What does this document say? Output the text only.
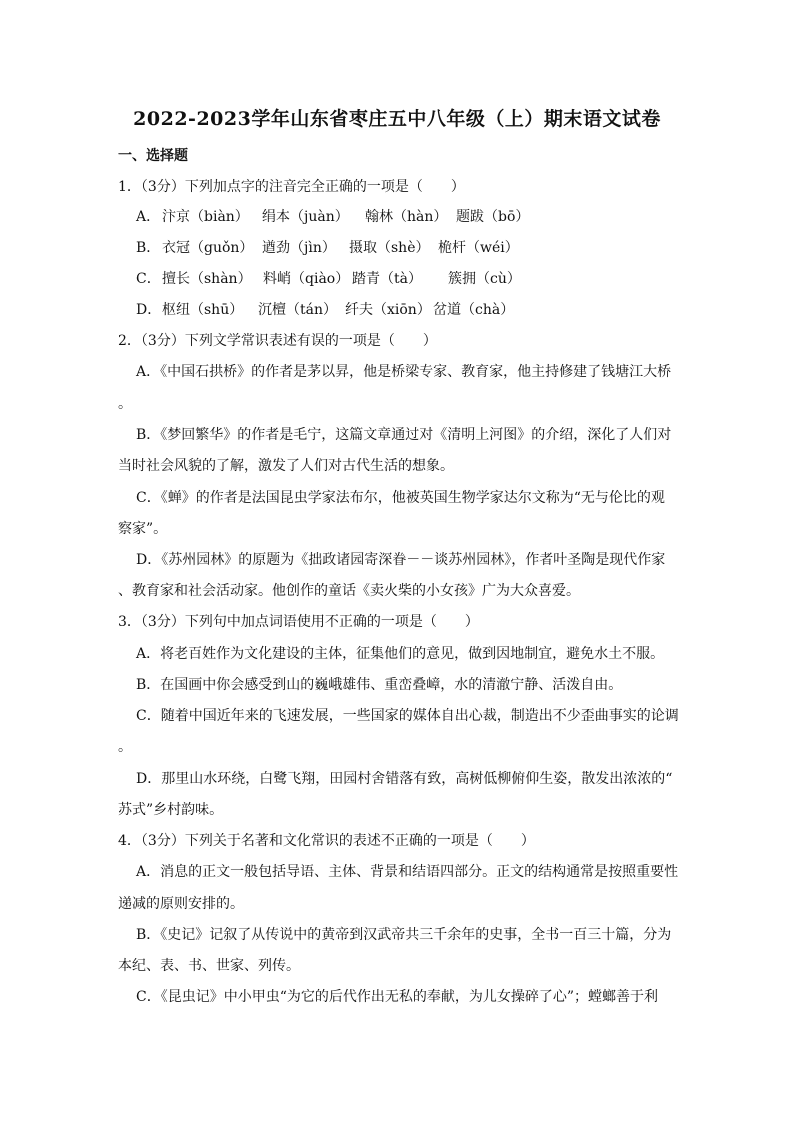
2022-2023学年山东省枣庄五中八年级（上）期末语文试卷
一、选择题
1．（3分）下列加点字的注音完全正确的一项是（　　）
A． 汴京（biàn） 绢本（juàn） 翰林（hàn） 题跋（bō）
B． 衣冠（guǒn） 遒劲（jìn） 摄取（shè） 桅杆（wéi）
C．擅长（shàn） 料峭（qiào） 踏青（tà） 簇拥（cù）
D．枢纽（shū） 沉檀（tán） 纤夫（xiōn） 岔道（chà）
2．（3分）下列文学常识表述有误的一项是（　　）
A．《中国石拱桥》的作者是茅以昇，他是桥梁专家、教育家，他主持修建了钱塘江大桥
。
B．《梦回繁华》的作者是毛宁，这篇文章通过对《清明上河图》的介绍，深化了人们对
当时社会风貌的了解，激发了人们对古代生活的想象。
C．《蝉》的作者是法国昆虫学家法布尔，他被英国生物学家达尔文称为“无与伦比的观
察家”。
D．《苏州园林》的原题为《拙政诸园寄深眷－－谈苏州园林》，作者叶圣陶是现代作家
、教育家和社会活动家。他创作的童话《卖火柴的小女孩》广为大众喜爱。
3．（3分）下列句中加点词语使用不正确的一项是（　　）
A．将老百姓作为文化建设的主体，征集他们的意见，做到因地制宜，避免水土不服。
B．在国画中你会感受到山的巍峨雄伟、重峦叠嶂，水的清澈宁静、活泼自由。
C．随着中国近年来的飞速发展，一些国家的媒体自出心裁，制造出不少歪曲事实的论调
。
D．那里山水环绕，白鹭飞翔，田园村舍错落有致，高树低柳俯仰生姿，散发出浓浓的“
苏式”乡村韵味。
4．（3分）下列关于名著和文化常识的表述不正确的一项是（　　）
A．消息的正文一般包括导语、主体、背景和结语四部分。正文的结构通常是按照重要性
递减的原则安排的。
B．《史记》记叙了从传说中的黄帝到汉武帝共三千余年的史事，全书一百三十篇，分为
本纪、表、书、世家、列传。
C．《昆虫记》中小甲虫“为它的后代作出无私的奉献，为儿女操碎了心”；螳螂善于利
